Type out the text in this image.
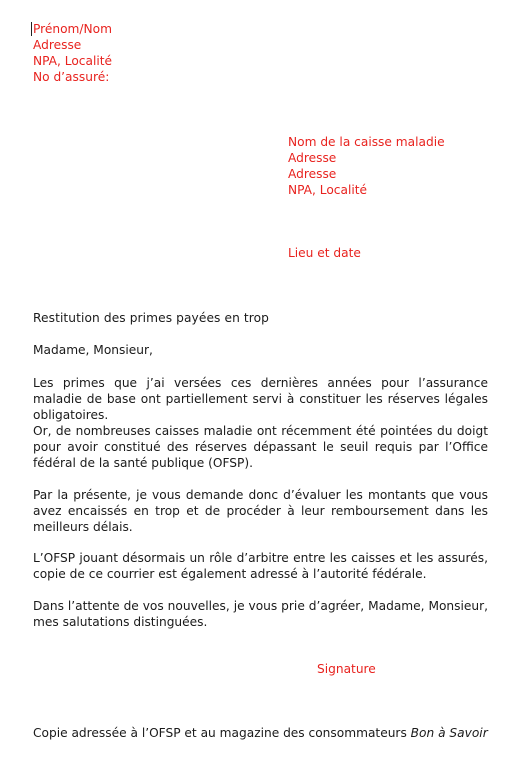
Prénom/Nom
Adresse
NPA, Localité
No d’assuré:
Nom de la caisse maladie
Adresse
Adresse
NPA, Localité
Lieu et date
Restitution des primes payées en trop
Madame, Monsieur,
Les primes que j’ai versées ces dernières années pour l’assurance maladie de base ont partiellement servi à constituer les réserves légales obligatoires.
Or, de nombreuses caisses maladie ont récemment été pointées du doigt pour avoir constitué des réserves dépassant le seuil requis par l’Office fédéral de la santé publique (OFSP).
Par la présente, je vous demande donc d’évaluer les montants que vous avez encaissés en trop et de procéder à leur remboursement dans les meilleurs délais.
L’OFSP jouant désormais un rôle d’arbitre entre les caisses et les assurés, copie de ce courrier est également adressé à l’autorité fédérale.
Dans l’attente de vos nouvelles, je vous prie d’agréer, Madame, Monsieur, mes salutations distinguées.
Signature
Copie adressée à l’OFSP et au magazine des consommateurs Bon à Savoir
